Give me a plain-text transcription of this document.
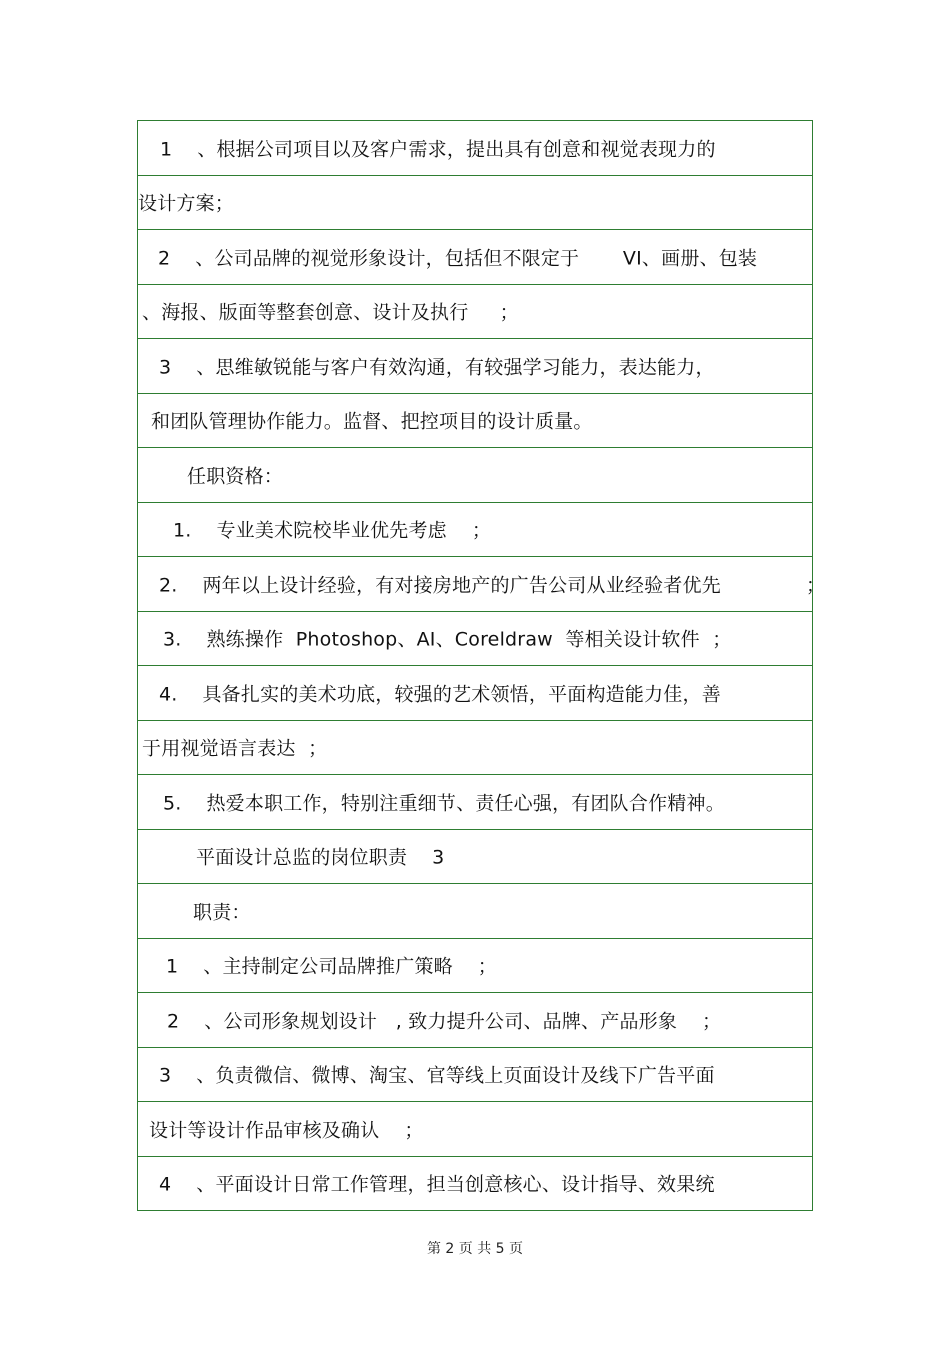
1    、根据公司项目以及客户需求，提出具有创意和视觉表现力的
设计方案；
2    、公司品牌的视觉形象设计，包括但不限定于       VI、画册、包装
、海报、版面等整套创意、设计及执行     ；
3    、思维敏锐能与客户有效沟通，有较强学习能力，表达能力，
和团队管理协作能力。监督、把控项目的设计质量。
任职资格：
1.    专业美术院校毕业优先考虑    ；
2.    两年以上设计经验，有对接房地产的广告公司从业经验者优先	；
3.    熟练操作  Photoshop、AI、Coreldraw  等相关设计软件  ；
4.    具备扎实的美术功底，较强的艺术领悟，平面构造能力佳，善
于用视觉语言表达  ；
5.    热爱本职工作，特别注重细节、责任心强，有团队合作精神。
平面设计总监的岗位职责    3
职责：
1    、主持制定公司品牌推广策略    ；
2    、公司形象规划设计   , 致力提升公司、品牌、产品形象    ；
3    、负责微信、微博、淘宝、官等线上页面设计及线下广告平面
设计等设计作品审核及确认    ；
4    、平面设计日常工作管理，担当创意核心、设计指导、效果统
第 2 页 共 5 页
